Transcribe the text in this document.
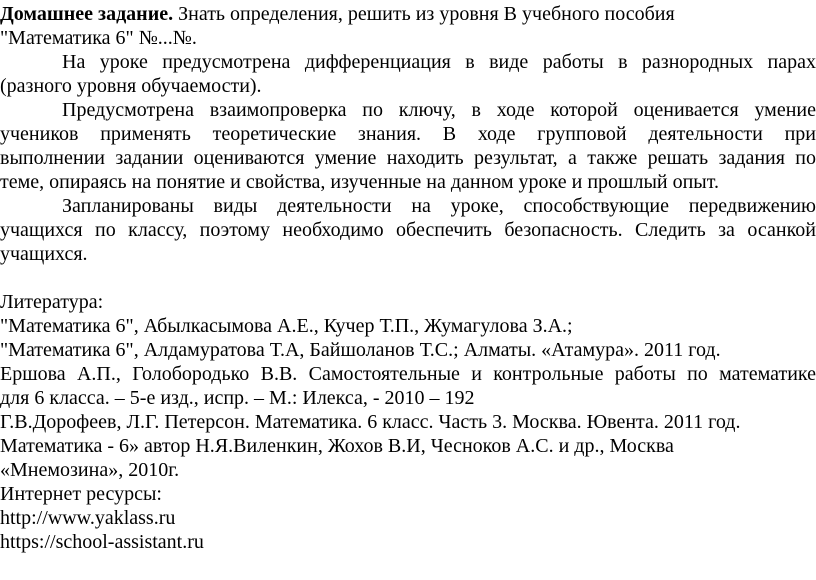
Домашнее задание. Знать определения, решить из уровня В учебного пособия
"Математика 6" №...№.
На уроке предусмотрена дифференциация в виде работы в разнородных парах
(разного уровня обучаемости).
Предусмотрена взаимопроверка по ключу, в ходе которой оценивается умение
учеников применять теоретические знания. В ходе групповой деятельности при
выполнении задании оцениваются умение находить результат, а также решать задания по
теме, опираясь на понятие и свойства, изученные на данном уроке и прошлый опыт.
Запланированы виды деятельности на уроке, способствующие передвижению
учащихся по классу, поэтому необходимо обеспечить безопасность. Следить за осанкой
учащихся.
Литература:
"Математика 6", Абылкасымова А.Е., Кучер Т.П., Жумагулова З.А.;
"Математика 6", Алдамуратова Т.А, Байшоланов Т.С.; Алматы. «Атамура». 2011 год.
Ершова А.П., Голобородько В.В. Самостоятельные и контрольные работы по математике
для 6 класса. – 5-е изд., испр. – М.: Илекса, - 2010 – 192
Г.В.Дорофеев, Л.Г. Петерсон. Математика. 6 класс. Часть 3. Москва. Ювента. 2011 год.
Математика - 6» автор Н.Я.Виленкин, Жохов В.И, Чесноков А.С. и др., Москва
«Мнемозина», 2010г.
Интернет ресурсы:
http://www.yaklass.ru
https://school-assistant.ru
